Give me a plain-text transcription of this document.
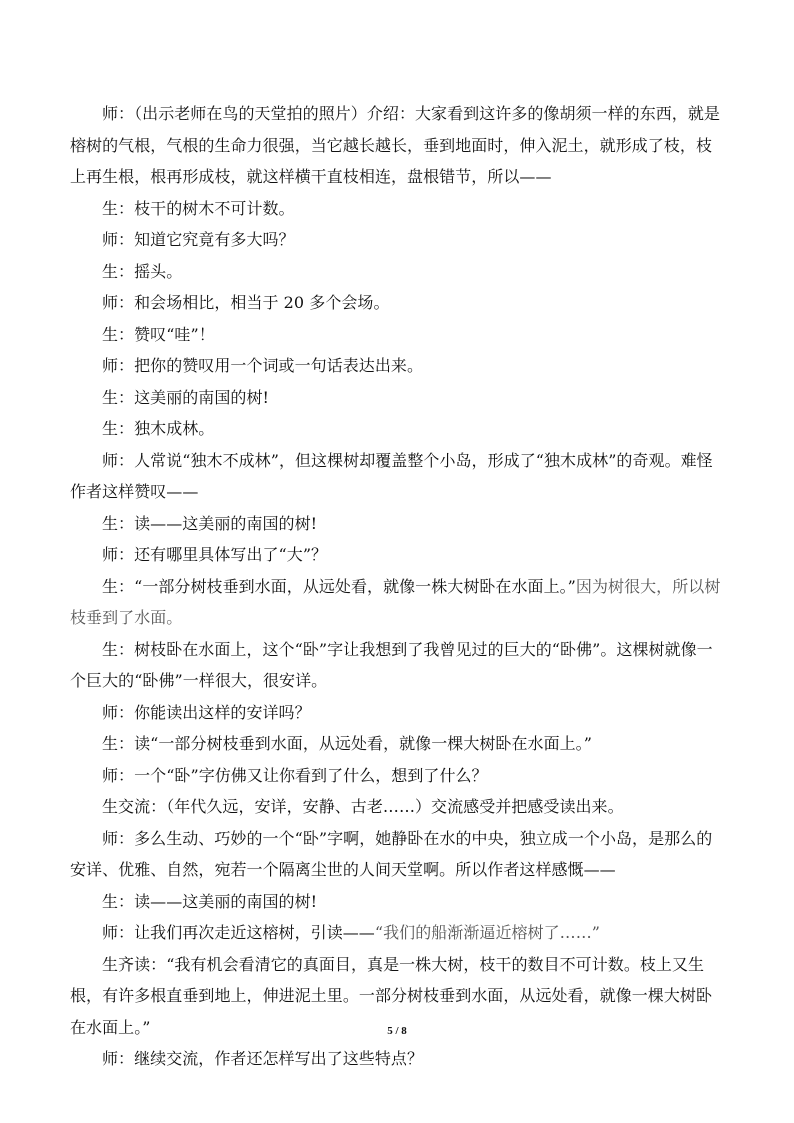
师：（出示老师在鸟的天堂拍的照片）介绍：大家看到这许多的像胡须一样的东西，就是榕树的气根，气根的生命力很强，当它越长越长，垂到地面时，伸入泥土，就形成了枝，枝上再生根，根再形成枝，就这样横干直枝相连，盘根错节，所以——

生：枝干的树木不可计数。

师：知道它究竟有多大吗？

生：摇头。

师：和会场相比，相当于 20 多个会场。

生：赞叹“哇”！

师：把你的赞叹用一个词或一句话表达出来。

生：这美丽的南国的树!

生：独木成林。

师：人常说“独木不成林”，但这棵树却覆盖整个小岛，形成了“独木成林”的奇观。难怪作者这样赞叹——

生：读——这美丽的南国的树!

师：还有哪里具体写出了“大”？

生：“一部分树枝垂到水面，从远处看，就像一株大树卧在水面上。”因为树很大，所以树枝垂到了水面。

生：树枝卧在水面上，这个“卧”字让我想到了我曾见过的巨大的“卧佛”。这棵树就像一个巨大的“卧佛”一样很大，很安详。

师：你能读出这样的安详吗？

生：读“一部分树枝垂到水面，从远处看，就像一棵大树卧在水面上。”

师：一个“卧”字仿佛又让你看到了什么，想到了什么？

生交流：（年代久远，安详，安静、古老……）交流感受并把感受读出来。

师：多么生动、巧妙的一个“卧”字啊，她静卧在水的中央，独立成一个小岛，是那么的安详、优雅、自然，宛若一个隔离尘世的人间天堂啊。所以作者这样感慨——

生：读——这美丽的南国的树!

师：让我们再次走近这榕树，引读——“我们的船渐渐逼近榕树了……”

生齐读：“我有机会看清它的真面目，真是一株大树，枝干的数目不可计数。枝上又生根，有许多根直垂到地上，伸进泥土里。一部分树枝垂到水面，从远处看，就像一棵大树卧在水面上。”

师：继续交流，作者还怎样写出了这些特点？

5 / 8
